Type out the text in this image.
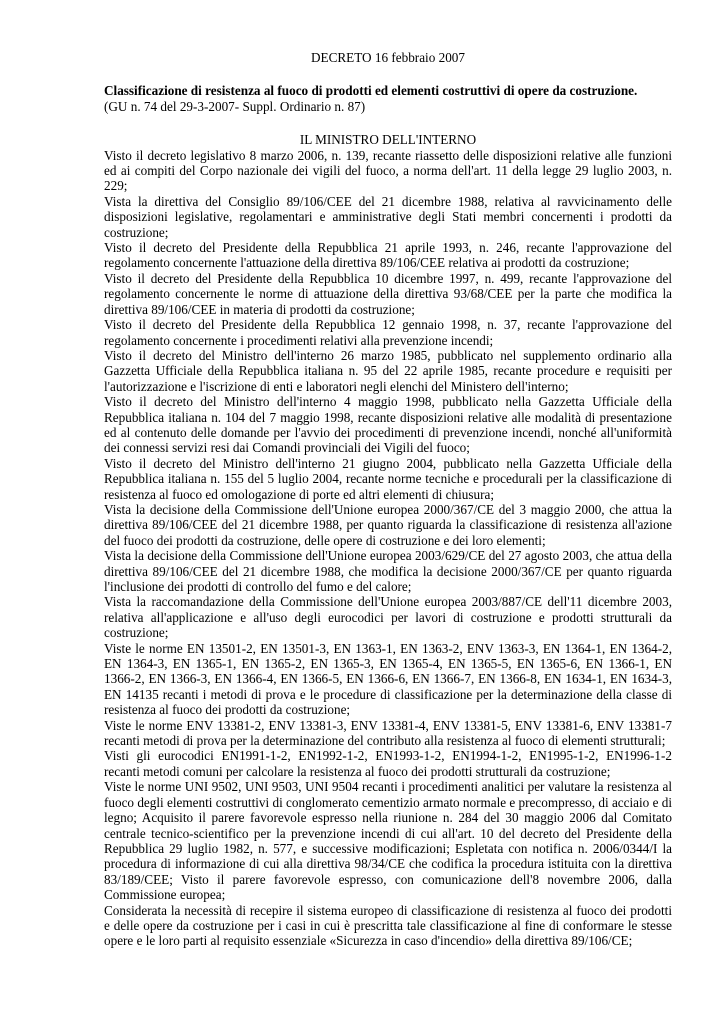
DECRETO 16 febbraio 2007

Classificazione di resistenza al fuoco di prodotti ed elementi costruttivi di opere da costruzione.
(GU n. 74 del 29-3-2007- Suppl. Ordinario n. 87)

IL MINISTRO DELL'INTERNO

Visto il decreto legislativo 8 marzo 2006, n. 139, recante riassetto delle disposizioni relative alle funzioni ed ai compiti del Corpo nazionale dei vigili del fuoco, a norma dell'art. 11 della legge 29 luglio 2003, n. 229;

Vista la direttiva del Consiglio 89/106/CEE del 21 dicembre 1988, relativa al ravvicinamento delle disposizioni legislative, regolamentari e amministrative degli Stati membri concernenti i prodotti da costruzione;

Visto il decreto del Presidente della Repubblica 21 aprile 1993, n. 246, recante l'approvazione del regolamento concernente l'attuazione della direttiva 89/106/CEE relativa ai prodotti da costruzione;

Visto il decreto del Presidente della Repubblica 10 dicembre 1997, n. 499, recante l'approvazione del regolamento concernente le norme di attuazione della direttiva 93/68/CEE per la parte che modifica la direttiva 89/106/CEE in materia di prodotti da costruzione;

Visto il decreto del Presidente della Repubblica 12 gennaio 1998, n. 37, recante l'approvazione del regolamento concernente i procedimenti relativi alla prevenzione incendi;

Visto il decreto del Ministro dell'interno 26 marzo 1985, pubblicato nel supplemento ordinario alla Gazzetta Ufficiale della Repubblica italiana n. 95 del 22 aprile 1985, recante procedure e requisiti per l'autorizzazione e l'iscrizione di enti e laboratori negli elenchi del Ministero dell'interno;

Visto il decreto del Ministro dell'interno 4 maggio 1998, pubblicato nella Gazzetta Ufficiale della Repubblica italiana n. 104 del 7 maggio 1998, recante disposizioni relative alle modalità di presentazione ed al contenuto delle domande per l'avvio dei procedimenti di prevenzione incendi, nonché all'uniformità dei connessi servizi resi dai Comandi provinciali dei Vigili del fuoco;

Visto il decreto del Ministro dell'interno 21 giugno 2004, pubblicato nella Gazzetta Ufficiale della Repubblica italiana n. 155 del 5 luglio 2004, recante norme tecniche e procedurali per la classificazione di resistenza al fuoco ed omologazione di porte ed altri elementi di chiusura;

Vista la decisione della Commissione dell'Unione europea 2000/367/CE del 3 maggio 2000, che attua la direttiva 89/106/CEE del 21 dicembre 1988, per quanto riguarda la classificazione di resistenza all'azione del fuoco dei prodotti da costruzione, delle opere di costruzione e dei loro elementi;

Vista la decisione della Commissione dell'Unione europea 2003/629/CE del 27 agosto 2003, che attua della direttiva 89/106/CEE del 21 dicembre 1988, che modifica la decisione 2000/367/CE per quanto riguarda l'inclusione dei prodotti di controllo del fumo e del calore;

Vista la raccomandazione della Commissione dell'Unione europea 2003/887/CE dell'11 dicembre 2003, relativa all'applicazione e all'uso degli eurocodici per lavori di costruzione e prodotti strutturali da costruzione;

Viste le norme EN 13501-2, EN 13501-3, EN 1363-1, EN 1363-2, ENV 1363-3, EN 1364-1, EN 1364-2, EN 1364-3, EN 1365-1, EN 1365-2, EN 1365-3, EN 1365-4, EN 1365-5, EN 1365-6, EN 1366-1, EN 1366-2, EN 1366-3, EN 1366-4, EN 1366-5, EN 1366-6, EN 1366-7, EN 1366-8, EN 1634-1, EN 1634-3, EN 14135 recanti i metodi di prova e le procedure di classificazione per la determinazione della classe di resistenza al fuoco dei prodotti da costruzione;

Viste le norme ENV 13381-2, ENV 13381-3, ENV 13381-4, ENV 13381-5, ENV 13381-6, ENV 13381-7 recanti metodi di prova per la determinazione del contributo alla resistenza al fuoco di elementi strutturali;

Visti gli eurocodici EN1991-1-2, EN1992-1-2, EN1993-1-2, EN1994-1-2, EN1995-1-2, EN1996-1-2 recanti metodi comuni per calcolare la resistenza al fuoco dei prodotti strutturali da costruzione;

Viste le norme UNI 9502, UNI 9503, UNI 9504 recanti i procedimenti analitici per valutare la resistenza al fuoco degli elementi costruttivi di conglomerato cementizio armato normale e precompresso, di acciaio e di legno; Acquisito il parere favorevole espresso nella riunione n. 284 del 30 maggio 2006 dal Comitato centrale tecnico-scientifico per la prevenzione incendi di cui all'art. 10 del decreto del Presidente della Repubblica 29 luglio 1982, n. 577, e successive modificazioni; Espletata con notifica n. 2006/0344/I la procedura di informazione di cui alla direttiva 98/34/CE che codifica la procedura istituita con la direttiva 83/189/CEE; Visto il parere favorevole espresso, con comunicazione dell'8 novembre 2006, dalla Commissione europea;

Considerata la necessità di recepire il sistema europeo di classificazione di resistenza al fuoco dei prodotti e delle opere da costruzione per i casi in cui è prescritta tale classificazione al fine di conformare le stesse opere e le loro parti al requisito essenziale «Sicurezza in caso d'incendio» della direttiva 89/106/CE;
